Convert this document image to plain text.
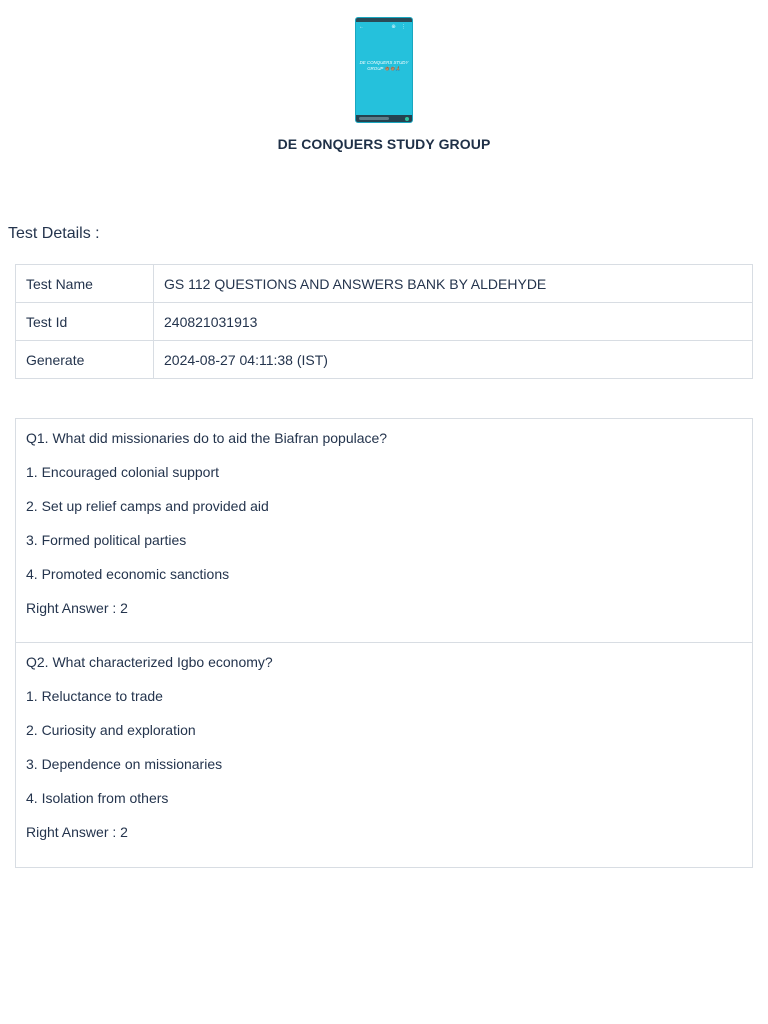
←	⊕ ⋮
DE CONQUERS STUDY GROUP 👏🏽👏🏽🙏🏽
DE CONQUERS STUDY GROUP
Test Details :
Test Name	GS 112 QUESTIONS AND ANSWERS BANK BY ALDEHYDE
Test Id	240821031913
Generate	2024-08-27 04:11:38 (IST)
Q1. What did missionaries do to aid the Biafran populace?
1. Encouraged colonial support
2. Set up relief camps and provided aid
3. Formed political parties
4. Promoted economic sanctions
Right Answer : 2
Q2. What characterized Igbo economy?
1. Reluctance to trade
2. Curiosity and exploration
3. Dependence on missionaries
4. Isolation from others
Right Answer : 2
